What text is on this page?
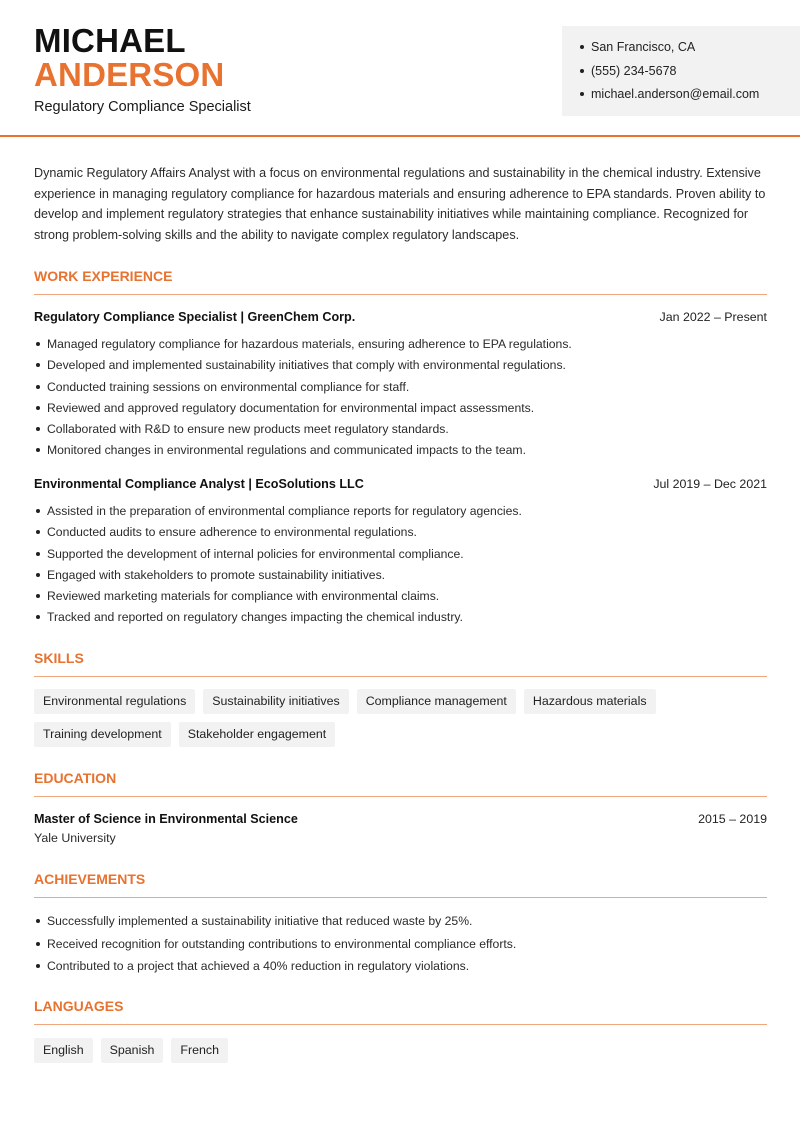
MICHAEL
ANDERSON
Regulatory Compliance Specialist
San Francisco, CA
(555) 234-5678
michael.anderson@email.com
Dynamic Regulatory Affairs Analyst with a focus on environmental regulations and sustainability in the chemical industry. Extensive experience in managing regulatory compliance for hazardous materials and ensuring adherence to EPA standards. Proven ability to develop and implement regulatory strategies that enhance sustainability initiatives while maintaining compliance. Recognized for strong problem-solving skills and the ability to navigate complex regulatory landscapes.
WORK EXPERIENCE
Regulatory Compliance Specialist | GreenChem Corp.	Jan 2022 – Present
Managed regulatory compliance for hazardous materials, ensuring adherence to EPA regulations.
Developed and implemented sustainability initiatives that comply with environmental regulations.
Conducted training sessions on environmental compliance for staff.
Reviewed and approved regulatory documentation for environmental impact assessments.
Collaborated with R&D to ensure new products meet regulatory standards.
Monitored changes in environmental regulations and communicated impacts to the team.
Environmental Compliance Analyst | EcoSolutions LLC	Jul 2019 – Dec 2021
Assisted in the preparation of environmental compliance reports for regulatory agencies.
Conducted audits to ensure adherence to environmental regulations.
Supported the development of internal policies for environmental compliance.
Engaged with stakeholders to promote sustainability initiatives.
Reviewed marketing materials for compliance with environmental claims.
Tracked and reported on regulatory changes impacting the chemical industry.
SKILLS
Environmental regulations	Sustainability initiatives	Compliance management	Hazardous materials
Training development	Stakeholder engagement
EDUCATION
Master of Science in Environmental Science	2015 – 2019
Yale University
ACHIEVEMENTS
Successfully implemented a sustainability initiative that reduced waste by 25%.
Received recognition for outstanding contributions to environmental compliance efforts.
Contributed to a project that achieved a 40% reduction in regulatory violations.
LANGUAGES
English	Spanish	French
